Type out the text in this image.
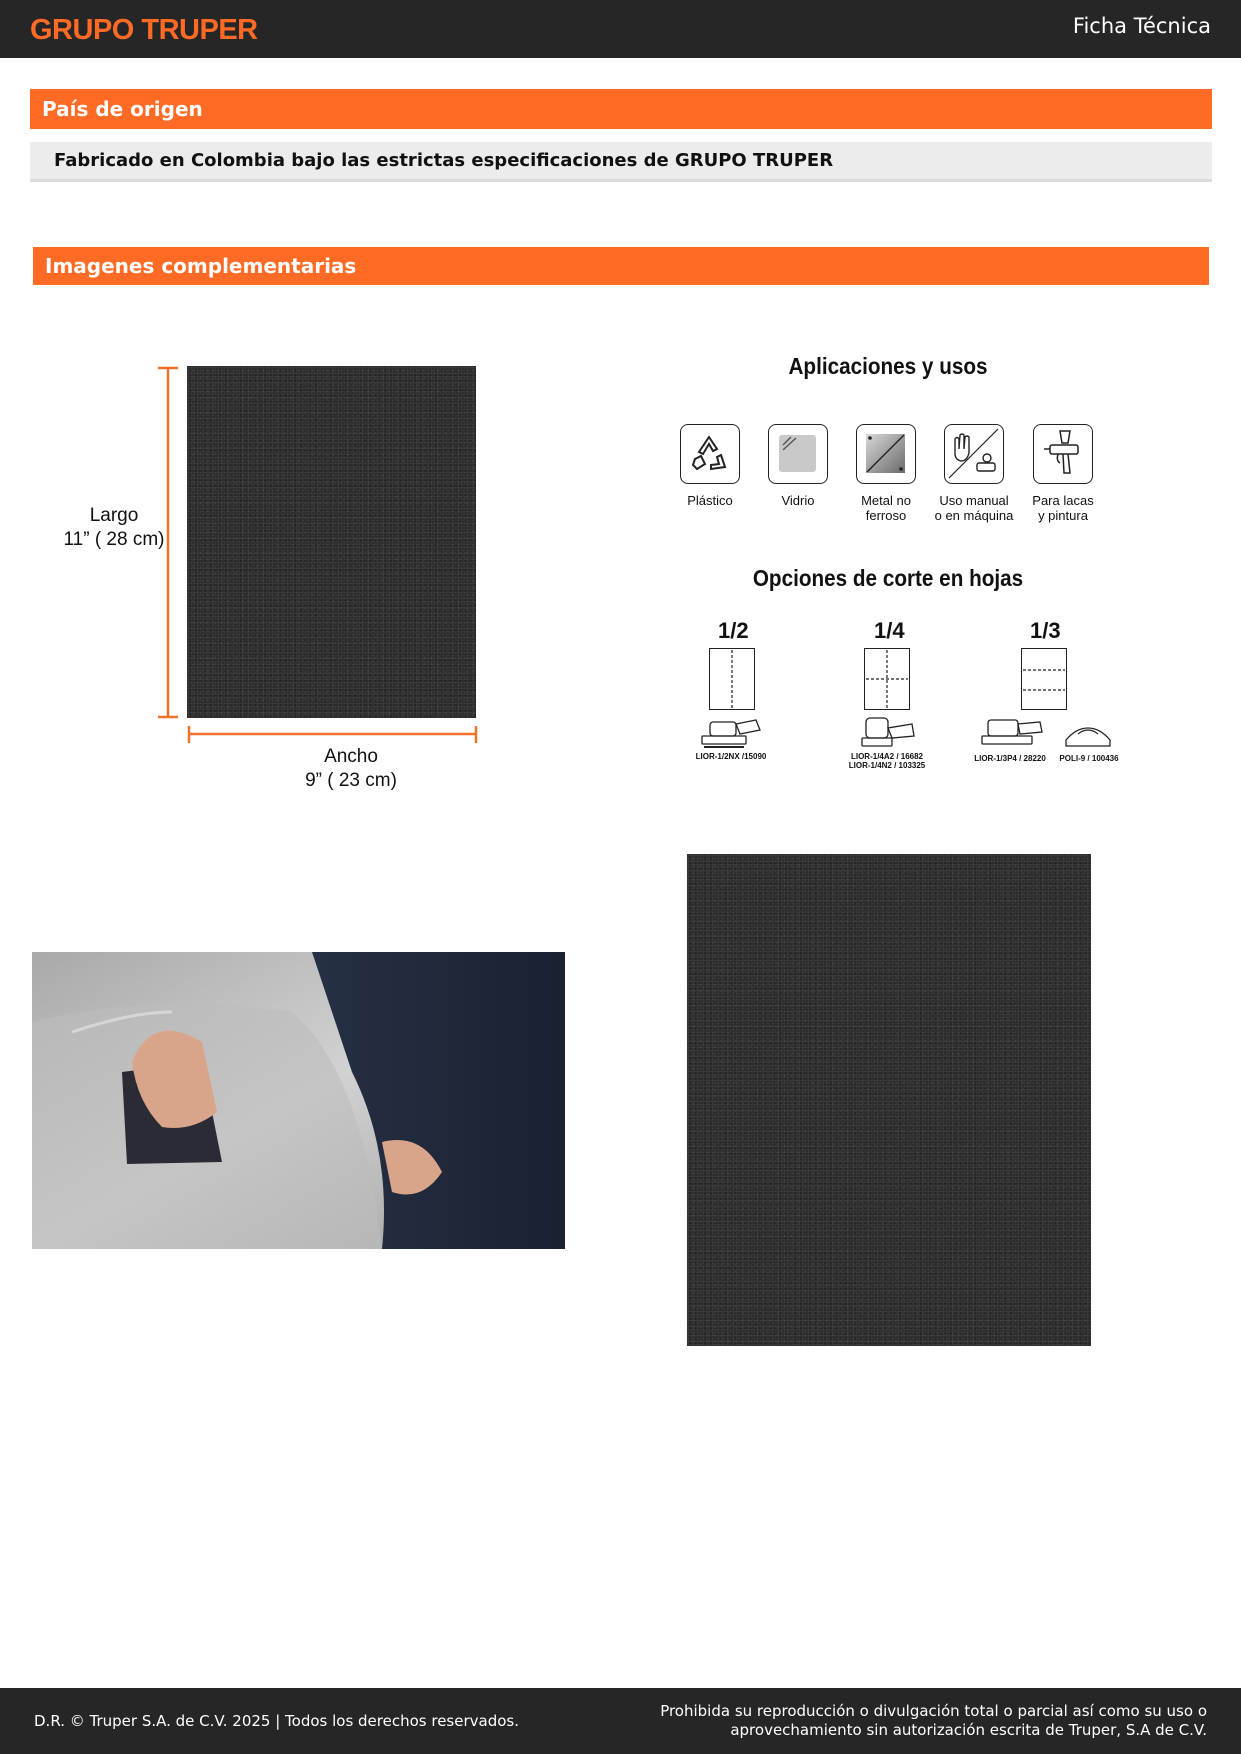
GRUPO TRUPER	Ficha Técnica
País de origen
Fabricado en Colombia bajo las estrictas especificaciones de GRUPO TRUPER
Imagenes complementarias
Largo
11” ( 28 cm)
Ancho
9” ( 23 cm)
Aplicaciones y usos
Plástico	Vidrio	Metal no
ferroso
Uso manual
o en máquina
Para lacas
y pintura
Opciones de corte en hojas
1/2
LIOR-1/2NX /15090
1/4
LIOR-1/4A2 / 16682
LIOR-1/4N2 / 103325
1/3
LIOR-1/3P4 / 28220	POLI-9 / 100436
D.R. © Truper S.A. de C.V. 2025 | Todos los derechos reservados.
Prohibida su reproducción o divulgación total o parcial así como su uso o
aprovechamiento sin autorización escrita de Truper, S.A de C.V.
